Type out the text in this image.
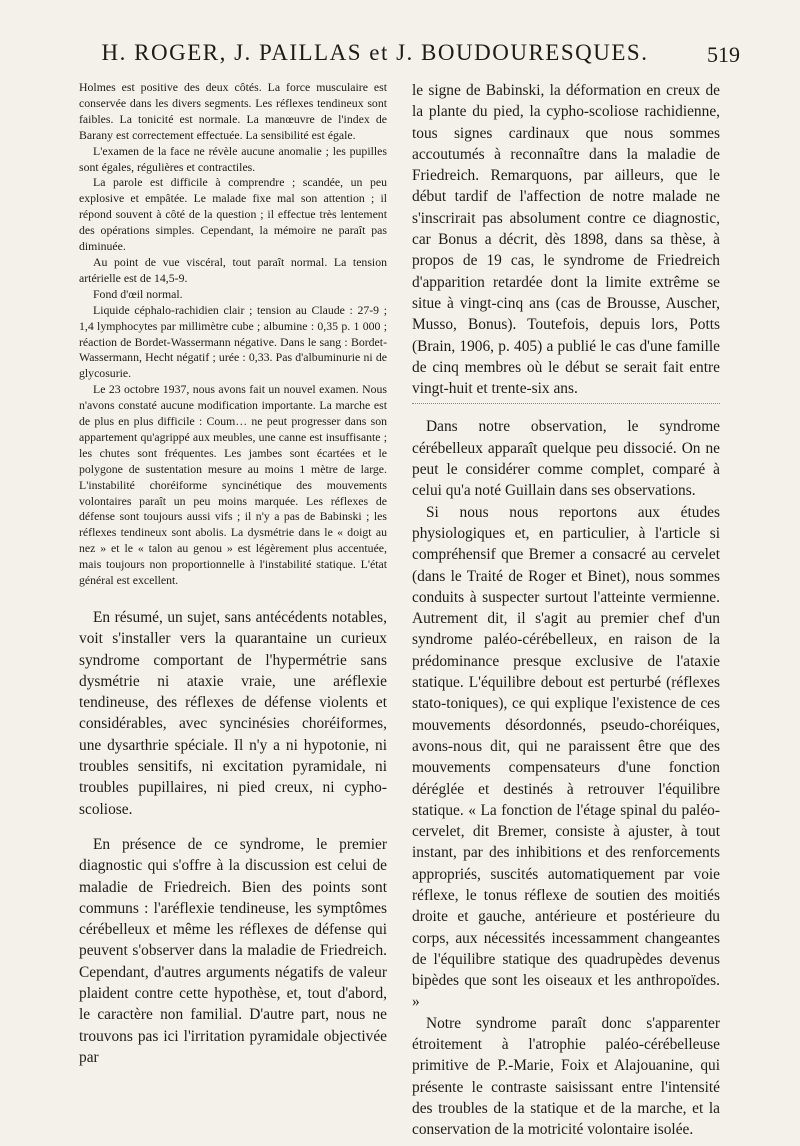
H. ROGER, J. PAILLAS et J. BOUDOURESQUES.	519

Holmes est positive des deux côtés. La force musculaire est conservée dans les divers segments. Les réflexes tendineux sont faibles. La tonicité est normale. La manœuvre de l'index de Barany est correctement effectuée. La sensibilité est égale.

L'examen de la face ne révèle aucune anomalie ; les pupilles sont égales, régulières et contractiles.

La parole est difficile à comprendre ; scandée, un peu explosive et empâtée. Le malade fixe mal son attention ; il répond souvent à côté de la question ; il effectue très lentement des opérations simples. Cependant, la mémoire ne paraît pas diminuée.

Au point de vue viscéral, tout paraît normal. La tension artérielle est de 14,5-9.

Fond d'œil normal.

Liquide céphalo-rachidien clair ; tension au Claude : 27-9 ; 1,4 lymphocytes par millimètre cube ; albumine : 0,35 p. 1 000 ; réaction de Bordet-Wassermann négative. Dans le sang : Bordet-Wassermann, Hecht négatif ; urée : 0,33. Pas d'albuminurie ni de glycosurie.

Le 23 octobre 1937, nous avons fait un nouvel examen. Nous n'avons constaté aucune modification importante. La marche est de plus en plus difficile : Coum… ne peut progresser dans son appartement qu'agrippé aux meubles, une canne est insuffisante ; les chutes sont fréquentes. Les jambes sont écartées et le polygone de sustentation mesure au moins 1 mètre de large. L'instabilité choréiforme syncinétique des mouvements volontaires paraît un peu moins marquée. Les réflexes de défense sont toujours aussi vifs ; il n'y a pas de Babinski ; les réflexes tendineux sont abolis. La dysmétrie dans le « doigt au nez » et le « talon au genou » est légèrement plus accentuée, mais toujours non proportionnelle à l'instabilité statique. L'état général est excellent.

En résumé, un sujet, sans antécédents notables, voit s'installer vers la quarantaine un curieux syndrome comportant de l'hypermétrie sans dysmétrie ni ataxie vraie, une aréflexie tendineuse, des réflexes de défense violents et considérables, avec syncinésies choréiformes, une dysarthrie spéciale. Il n'y a ni hypotonie, ni troubles sensitifs, ni excitation pyramidale, ni troubles pupillaires, ni pied creux, ni cypho-scoliose.

En présence de ce syndrome, le premier diagnostic qui s'offre à la discussion est celui de maladie de Friedreich. Bien des points sont communs : l'aréflexie tendineuse, les symptômes cérébelleux et même les réflexes de défense qui peuvent s'observer dans la maladie de Friedreich. Cependant, d'autres arguments négatifs de valeur plaident contre cette hypothèse, et, tout d'abord, le caractère non familial. D'autre part, nous ne trouvons pas ici l'irritation pyramidale objectivée par

le signe de Babinski, la déformation en creux de la plante du pied, la cypho-scoliose rachidienne, tous signes cardinaux que nous sommes accoutumés à reconnaître dans la maladie de Friedreich. Remarquons, par ailleurs, que le début tardif de l'affection de notre malade ne s'inscrirait pas absolument contre ce diagnostic, car Bonus a décrit, dès 1898, dans sa thèse, à propos de 19 cas, le syndrome de Friedreich d'apparition retardée dont la limite extrême se situe à vingt-cinq ans (cas de Brousse, Auscher, Musso, Bonus). Toutefois, depuis lors, Potts (Brain, 1906, p. 405) a publié le cas d'une famille de cinq membres où le début se serait fait entre vingt-huit et trente-six ans.

Dans notre observation, le syndrome cérébelleux apparaît quelque peu dissocié. On ne peut le considérer comme complet, comparé à celui qu'a noté Guillain dans ses observations.

Si nous nous reportons aux études physiologiques et, en particulier, à l'article si compréhensif que Bremer a consacré au cervelet (dans le Traité de Roger et Binet), nous sommes conduits à suspecter surtout l'atteinte vermienne. Autrement dit, il s'agit au premier chef d'un syndrome paléo-cérébelleux, en raison de la prédominance presque exclusive de l'ataxie statique. L'équilibre debout est perturbé (réflexes stato-toniques), ce qui explique l'existence de ces mouvements désordonnés, pseudo-choréiques, avons-nous dit, qui ne paraissent être que des mouvements compensateurs d'une fonction déréglée et destinés à retrouver l'équilibre statique. « La fonction de l'étage spinal du paléo-cervelet, dit Bremer, consiste à ajuster, à tout instant, par des inhibitions et des renforcements appropriés, suscités automatiquement par voie réflexe, le tonus réflexe de soutien des moitiés droite et gauche, antérieure et postérieure du corps, aux nécessités incessamment changeantes de l'équilibre statique des quadrupèdes devenus bipèdes que sont les oiseaux et les anthropoïdes. »

Notre syndrome paraît donc s'apparenter étroitement à l'atrophie paléo-cérébelleuse primitive de P.-Marie, Foix et Alajouanine, qui présente le contraste saisissant entre l'intensité des troubles de la statique et de la marche, et la conservation de la motricité volontaire isolée.
